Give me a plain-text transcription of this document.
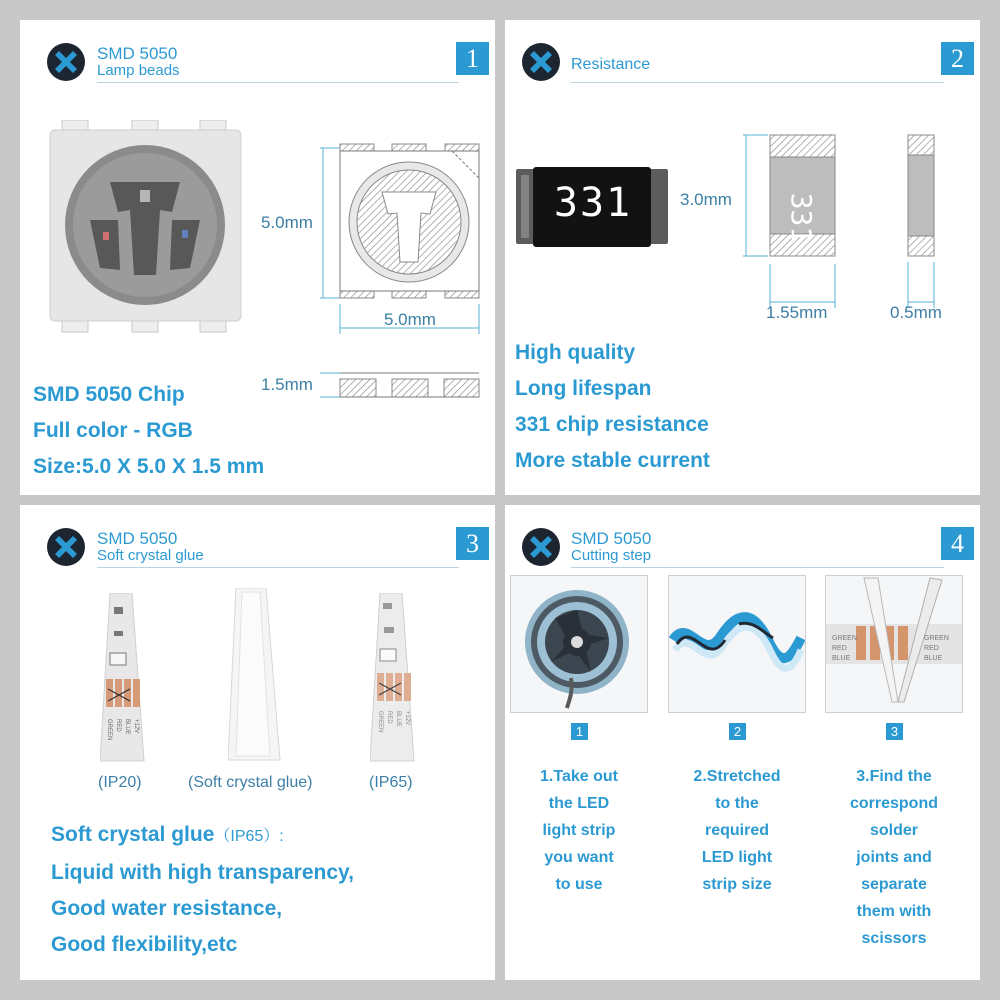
SMD 5050
Lamp beads	1
5.0mm
5.0mm
1.5mm
SMD 5050 Chip
Full color - RGB
Size:5.0 X 5.0 X 1.5 mm
Resistance	2
331	3.0mm 331
1.55mm	0.5mm
High quality
Long lifespan
331 chip resistance
More stable current
SMD 5050
Soft crystal glue	3
GREEN RED BLUE +12V	GREEN RED BLUE +12V
(IP20)	(Soft crystal glue)	(IP65)
Soft crystal glue（IP65）:
Liquid with high transparency,
Good water resistance,
Good flexibility,etc
SMD 5050
Cutting step	4
GREEN
RED
BLUE
GREEN
RED
BLUE
1	2	3
1.Take out
the LED
light strip
you want
to use
2.Stretched
to the
required
LED light
strip size
3.Find the
correspond
solder
joints and
separate
them with
scissors
